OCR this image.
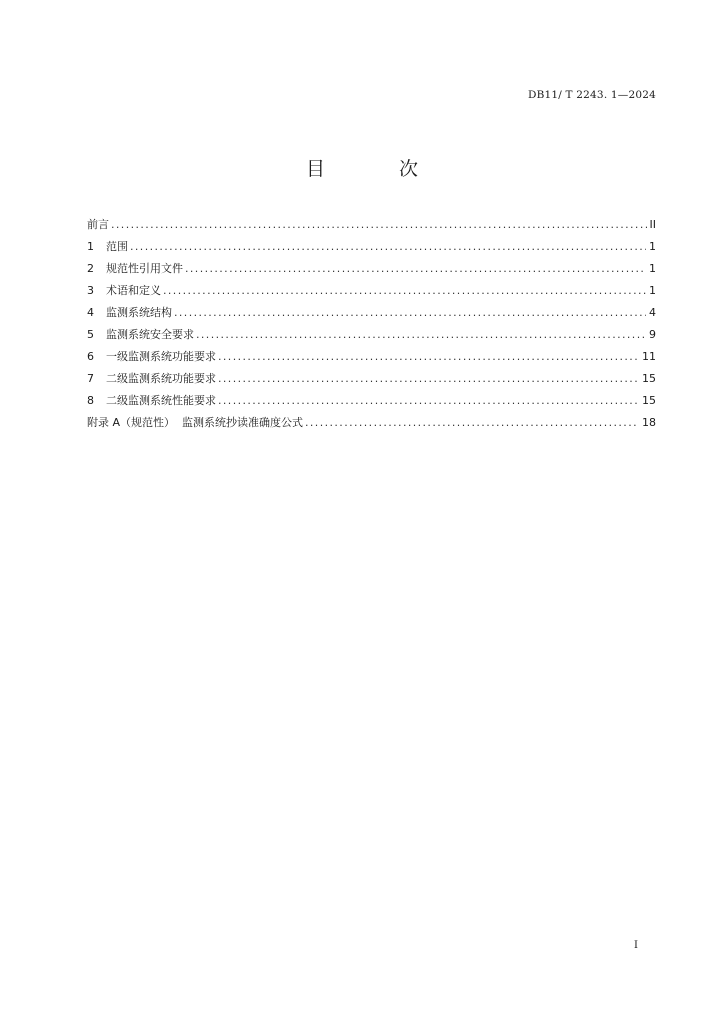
DB11/ T 2243. 1—2024
目 次
前言 .....	II
1	范围 .....	1
2	规范性引用文件 .....	1
3	术语和定义 .....	1
4	监测系统结构 .....	4
5	监测系统安全要求 .....	9
6	一级监测系统功能要求 .....	11
7	二级监测系统功能要求 .....	15
8	二级监测系统性能要求 .....	15
附录 A（规范性）  监测系统抄读准确度公式 .....	18
I
